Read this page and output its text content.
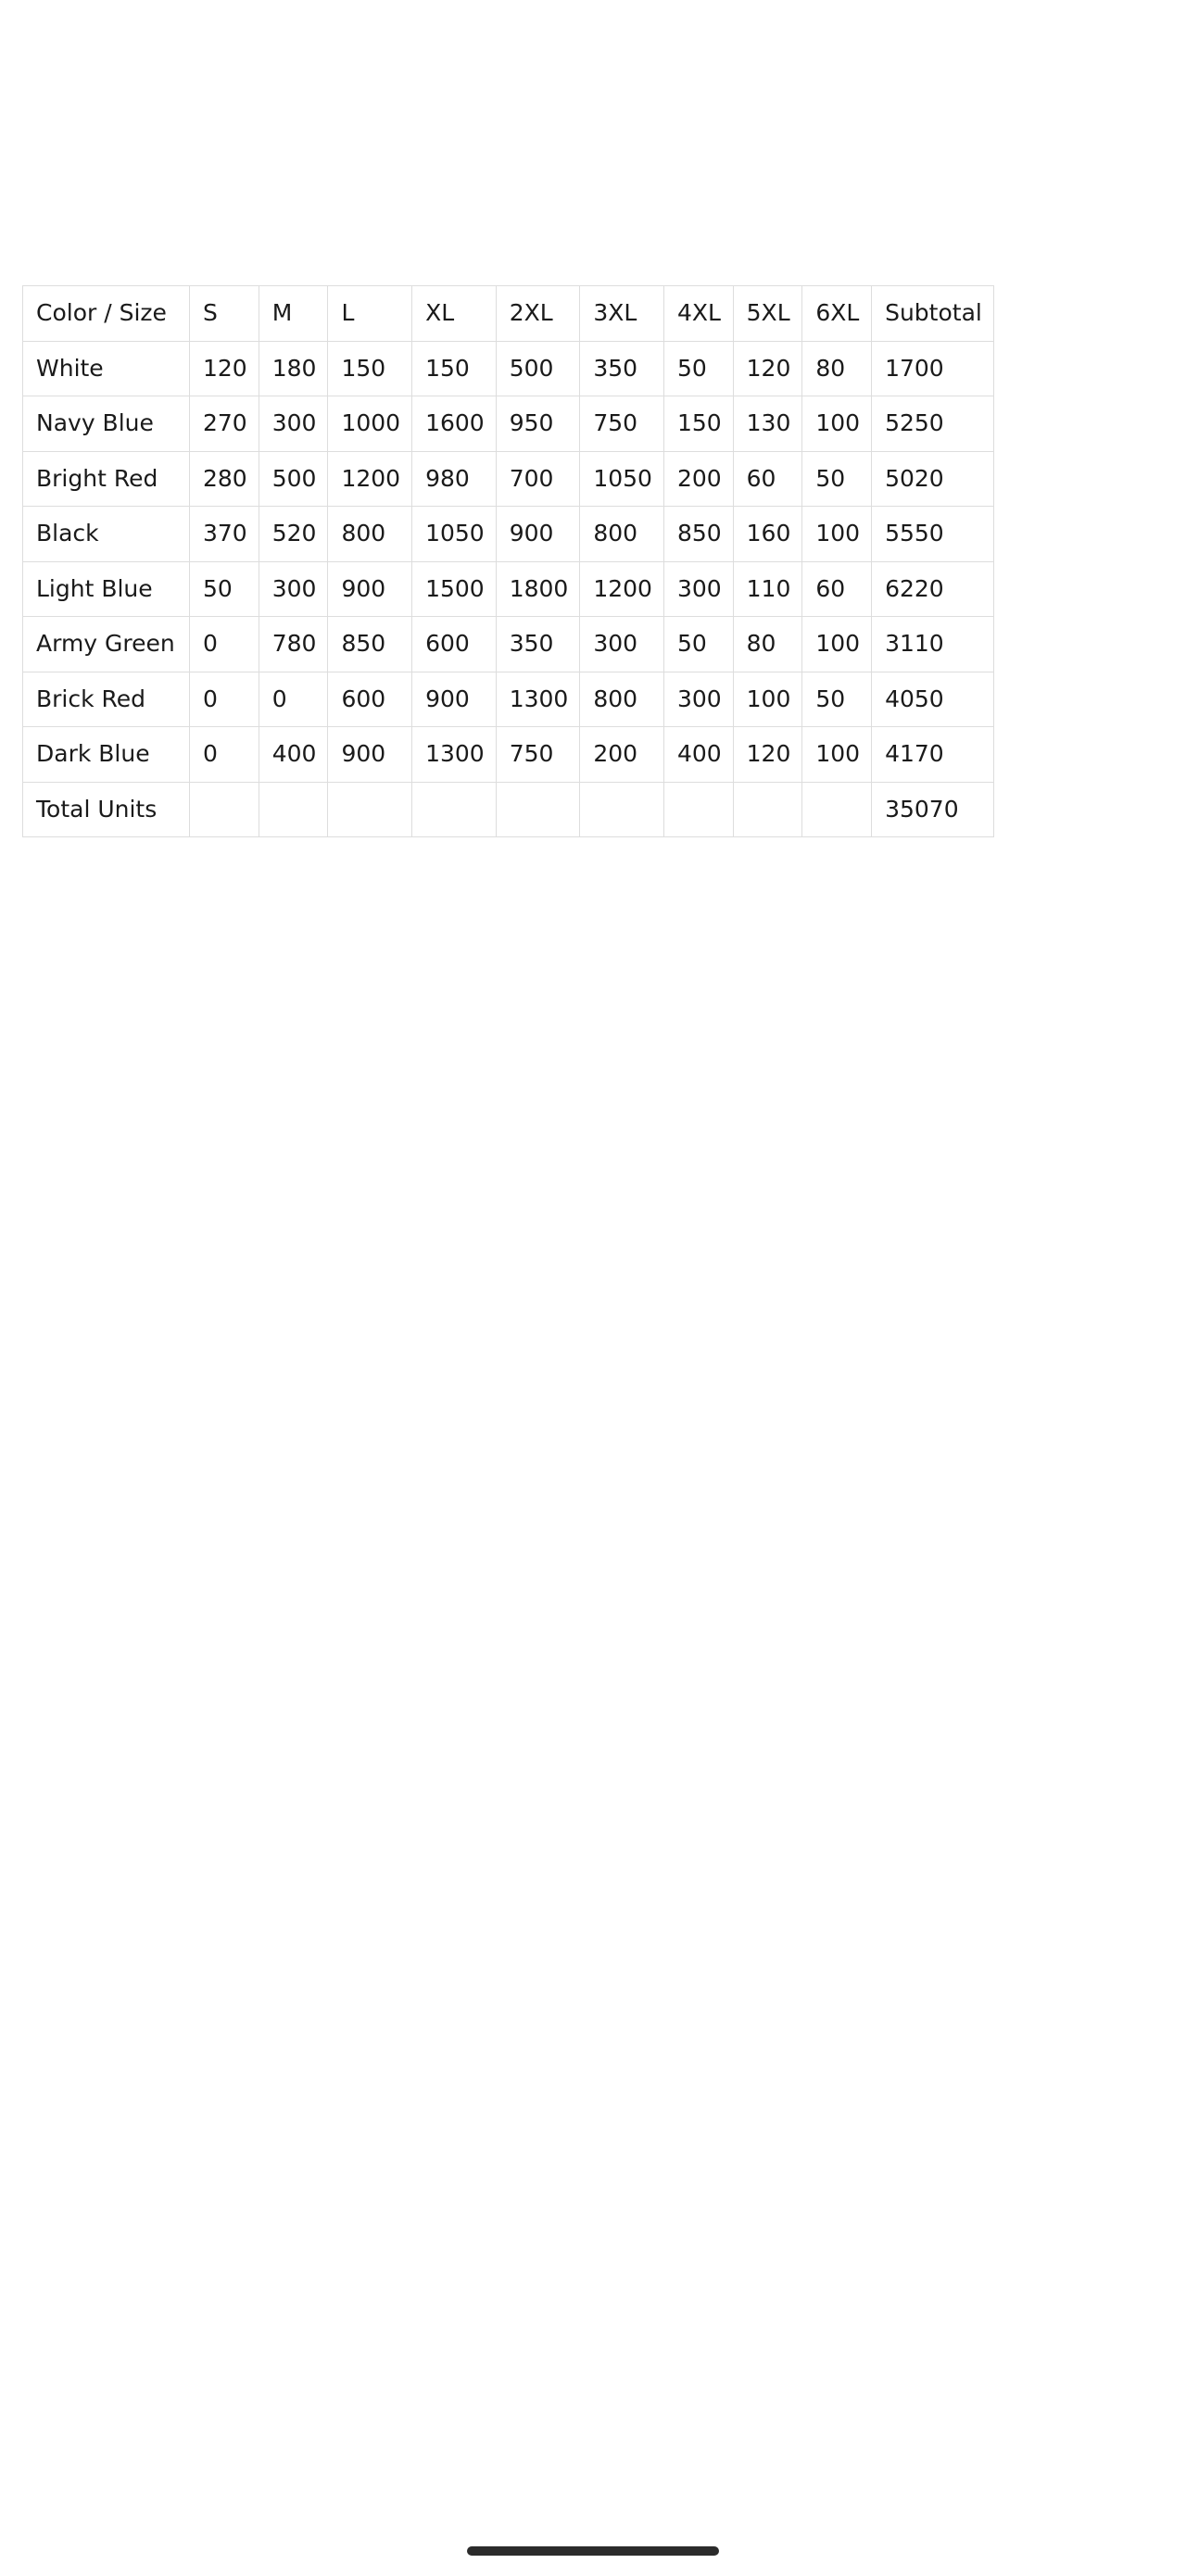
Color / Size	S	M	L	XL	2XL	3XL	4XL	5XL	6XL	Subtotal
White	120	180	150	150	500	350	50	120	80	1700
Navy Blue	270	300	1000	1600	950	750	150	130	100	5250
Bright Red	280	500	1200	980	700	1050	200	60	50	5020
Black	370	520	800	1050	900	800	850	160	100	5550
Light Blue	50	300	900	1500	1800	1200	300	110	60	6220
Army Green	0	780	850	600	350	300	50	80	100	3110
Brick Red	0	0	600	900	1300	800	300	100	50	4050
Dark Blue	0	400	900	1300	750	200	400	120	100	4170
Total Units										35070
